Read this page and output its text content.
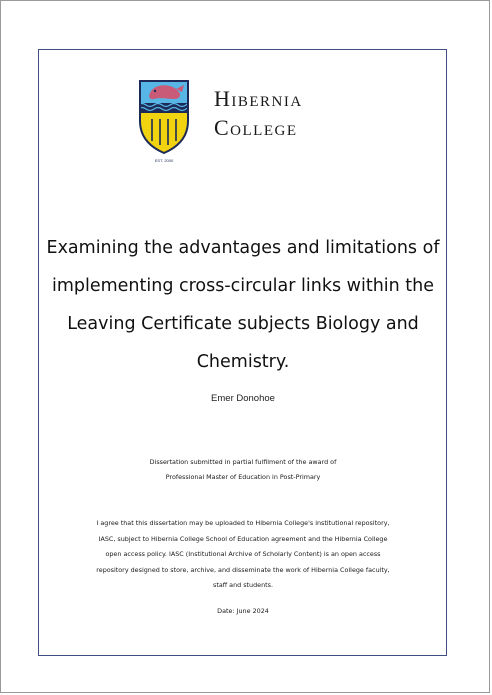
EST. 2000
Hibernia
College
Examining the advantages and limitations of
implementing cross-circular links within the
Leaving Certificate subjects Biology and
Chemistry.
Emer Donohoe
Dissertation submitted in partial fulfilment of the award of
Professional Master of Education in Post-Primary
I agree that this dissertation may be uploaded to Hibernia College's institutional repository,
IASC, subject to Hibernia College School of Education agreement and the Hibernia College
open access policy. IASC (Institutional Archive of Scholarly Content) is an open access
repository designed to store, archive, and disseminate the work of Hibernia College faculty,
staff and students.
Date: June 2024
